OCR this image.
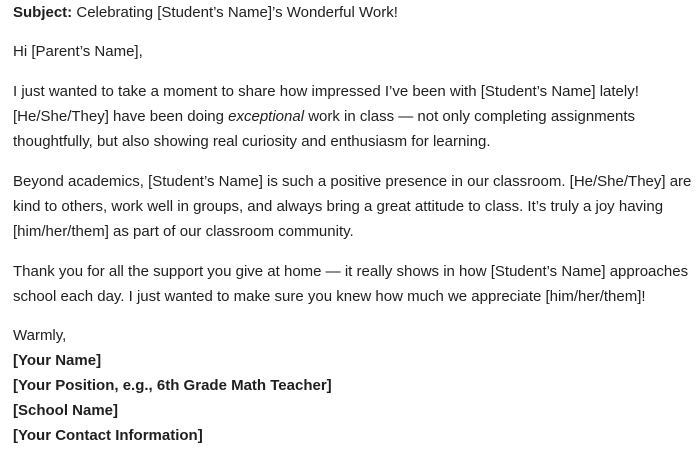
Subject: Celebrating [Student’s Name]’s Wonderful Work!

Hi [Parent’s Name],

I just wanted to take a moment to share how impressed I’ve been with [Student’s Name] lately! [He/She/They] have been doing exceptional work in class — not only completing assignments thoughtfully, but also showing real curiosity and enthusiasm for learning.

Beyond academics, [Student’s Name] is such a positive presence in our classroom. [He/She/They] are kind to others, work well in groups, and always bring a great attitude to class. It’s truly a joy having [him/her/them] as part of our classroom community.

Thank you for all the support you give at home — it really shows in how [Student’s Name] approaches school each day. I just wanted to make sure you knew how much we appreciate [him/her/them]!

Warmly,

[Your Name]

[Your Position, e.g., 6th Grade Math Teacher]

[School Name]

[Your Contact Information]
